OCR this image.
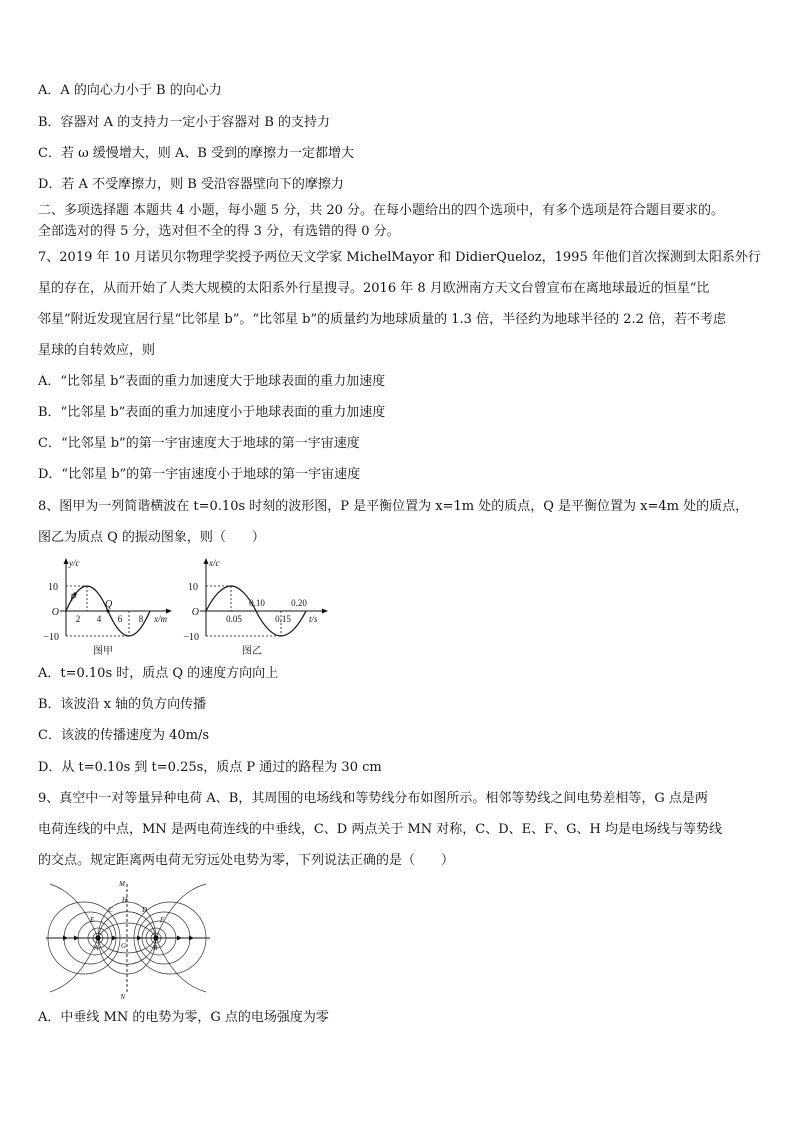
A．A 的向心力小于 B 的向心力
B．容器对 A 的支持力一定小于容器对 B 的支持力
C．若 ω 缓慢增大，则 A、B 受到的摩擦力一定都增大
D．若 A 不受摩擦力，则 B 受沿容器壁向下的摩擦力
二、多项选择题 本题共 4 小题，每小题 5 分，共 20 分。在每小题给出的四个选项中，有多个选项是符合题目要求的。
全部选对的得 5 分，选对但不全的得 3 分，有选错的得 0 分。
7、2019 年 10 月诺贝尔物理学奖授予两位天文学家 MichelMayor 和 DidierQueloz，1995 年他们首次探测到太阳系外行
星的存在，从而开始了人类大规模的太阳系外行星搜寻。2016 年 8 月欧洲南方天文台曾宣布在离地球最近的恒星“比
邻星”附近发现宜居行星“比邻星 b”。“比邻星 b”的质量约为地球质量的 1.3 倍，半径约为地球半径的 2.2 倍，若不考虑
星球的自转效应，则
A．“比邻星 b”表面的重力加速度大于地球表面的重力加速度
B．“比邻星 b”表面的重力加速度小于地球表面的重力加速度
C．“比邻星 b”的第一宇宙速度大于地球的第一宇宙速度
D．“比邻星 b”的第一宇宙速度小于地球的第一宇宙速度
8、图甲为一列简谐横波在 t=0.10s 时刻的波形图，P 是平衡位置为 x=1m 处的质点，Q 是平衡位置为 x=4m 处的质点，
图乙为质点 Q 的振动图象，则（　　）
y/c
x/m
O
10
−10
2 4 6 8
P
Q
图甲
x/c
t/s
O
10
−10
0.05
0.10
0.15
0.20
图乙
A．t=0.10s 时，质点 Q 的速度方向向上
B．该波沿 x 轴的负方向传播
C．该波的传播速度为 40m/s
D．从 t=0.10s 到 t=0.25s，质点 P 通过的路程为 30 cm
9、真空中一对等量异种电荷 A、B，其周围的电场线和等势线分布如图所示。相邻等势线之间电势差相等，G 点是两
电荷连线的中点，MN 是两电荷连线的中垂线，C、D 两点关于 MN 对称，C、D、E、F、G、H 均是电场线与等势线
的交点。规定距离两电荷无穷远处电势为零，下列说法正确的是（　　）
M
N
H
C	D
E	F
G
A	B
A．中垂线 MN 的电势为零，G 点的电场强度为零
